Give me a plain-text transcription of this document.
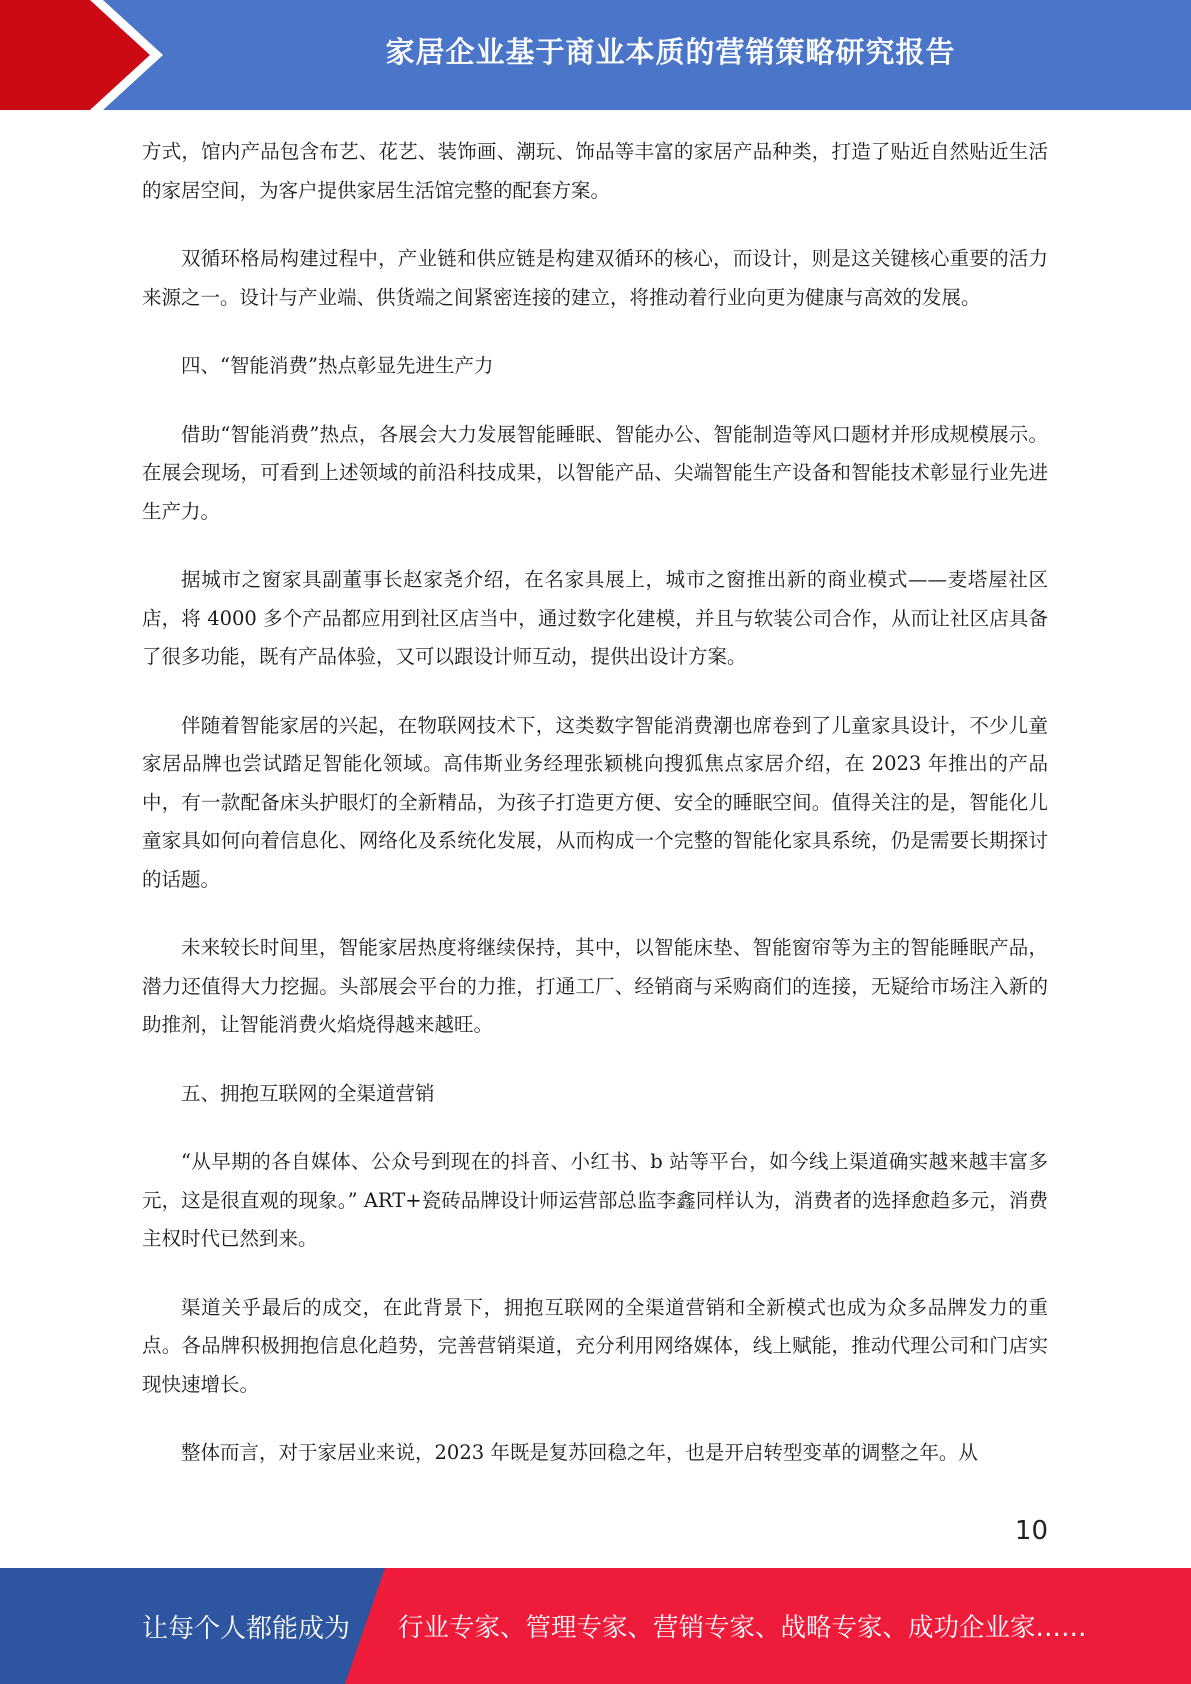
家居企业基于商业本质的营销策略研究报告

方式，馆内产品包含布艺、花艺、装饰画、潮玩、饰品等丰富的家居产品种类，打造了贴近自然贴近生活的家居空间，为客户提供家居生活馆完整的配套方案。

双循环格局构建过程中，产业链和供应链是构建双循环的核心，而设计，则是这关键核心重要的活力来源之一。设计与产业端、供货端之间紧密连接的建立，将推动着行业向更为健康与高效的发展。

四、“智能消费”热点彰显先进生产力

借助“智能消费”热点，各展会大力发展智能睡眠、智能办公、智能制造等风口题材并形成规模展示。在展会现场，可看到上述领域的前沿科技成果，以智能产品、尖端智能生产设备和智能技术彰显行业先进生产力。

据城市之窗家具副董事长赵家尧介绍，在名家具展上，城市之窗推出新的商业模式——麦塔屋社区店，将 4000 多个产品都应用到社区店当中，通过数字化建模，并且与软装公司合作，从而让社区店具备了很多功能，既有产品体验，又可以跟设计师互动，提供出设计方案。

伴随着智能家居的兴起，在物联网技术下，这类数字智能消费潮也席卷到了儿童家具设计，不少儿童家居品牌也尝试踏足智能化领域。高伟斯业务经理张颖桃向搜狐焦点家居介绍，在 2023 年推出的产品中，有一款配备床头护眼灯的全新精品，为孩子打造更方便、安全的睡眠空间。值得关注的是，智能化儿童家具如何向着信息化、网络化及系统化发展，从而构成一个完整的智能化家具系统，仍是需要长期探讨的话题。

未来较长时间里，智能家居热度将继续保持，其中，以智能床垫、智能窗帘等为主的智能睡眠产品，潜力还值得大力挖掘。头部展会平台的力推，打通工厂、经销商与采购商们的连接，无疑给市场注入新的助推剂，让智能消费火焰烧得越来越旺。

五、拥抱互联网的全渠道营销

“从早期的各自媒体、公众号到现在的抖音、小红书、b 站等平台，如今线上渠道确实越来越丰富多元，这是很直观的现象。” ART+瓷砖品牌设计师运营部总监李鑫同样认为，消费者的选择愈趋多元，消费主权时代已然到来。

渠道关乎最后的成交，在此背景下，拥抱互联网的全渠道营销和全新模式也成为众多品牌发力的重点。各品牌积极拥抱信息化趋势，完善营销渠道，充分利用网络媒体，线上赋能，推动代理公司和门店实现快速增长。

整体而言，对于家居业来说，2023 年既是复苏回稳之年，也是开启转型变革的调整之年。从

10
让每个人都能成为 行业专家、管理专家、营销专家、战略专家、成功企业家……
